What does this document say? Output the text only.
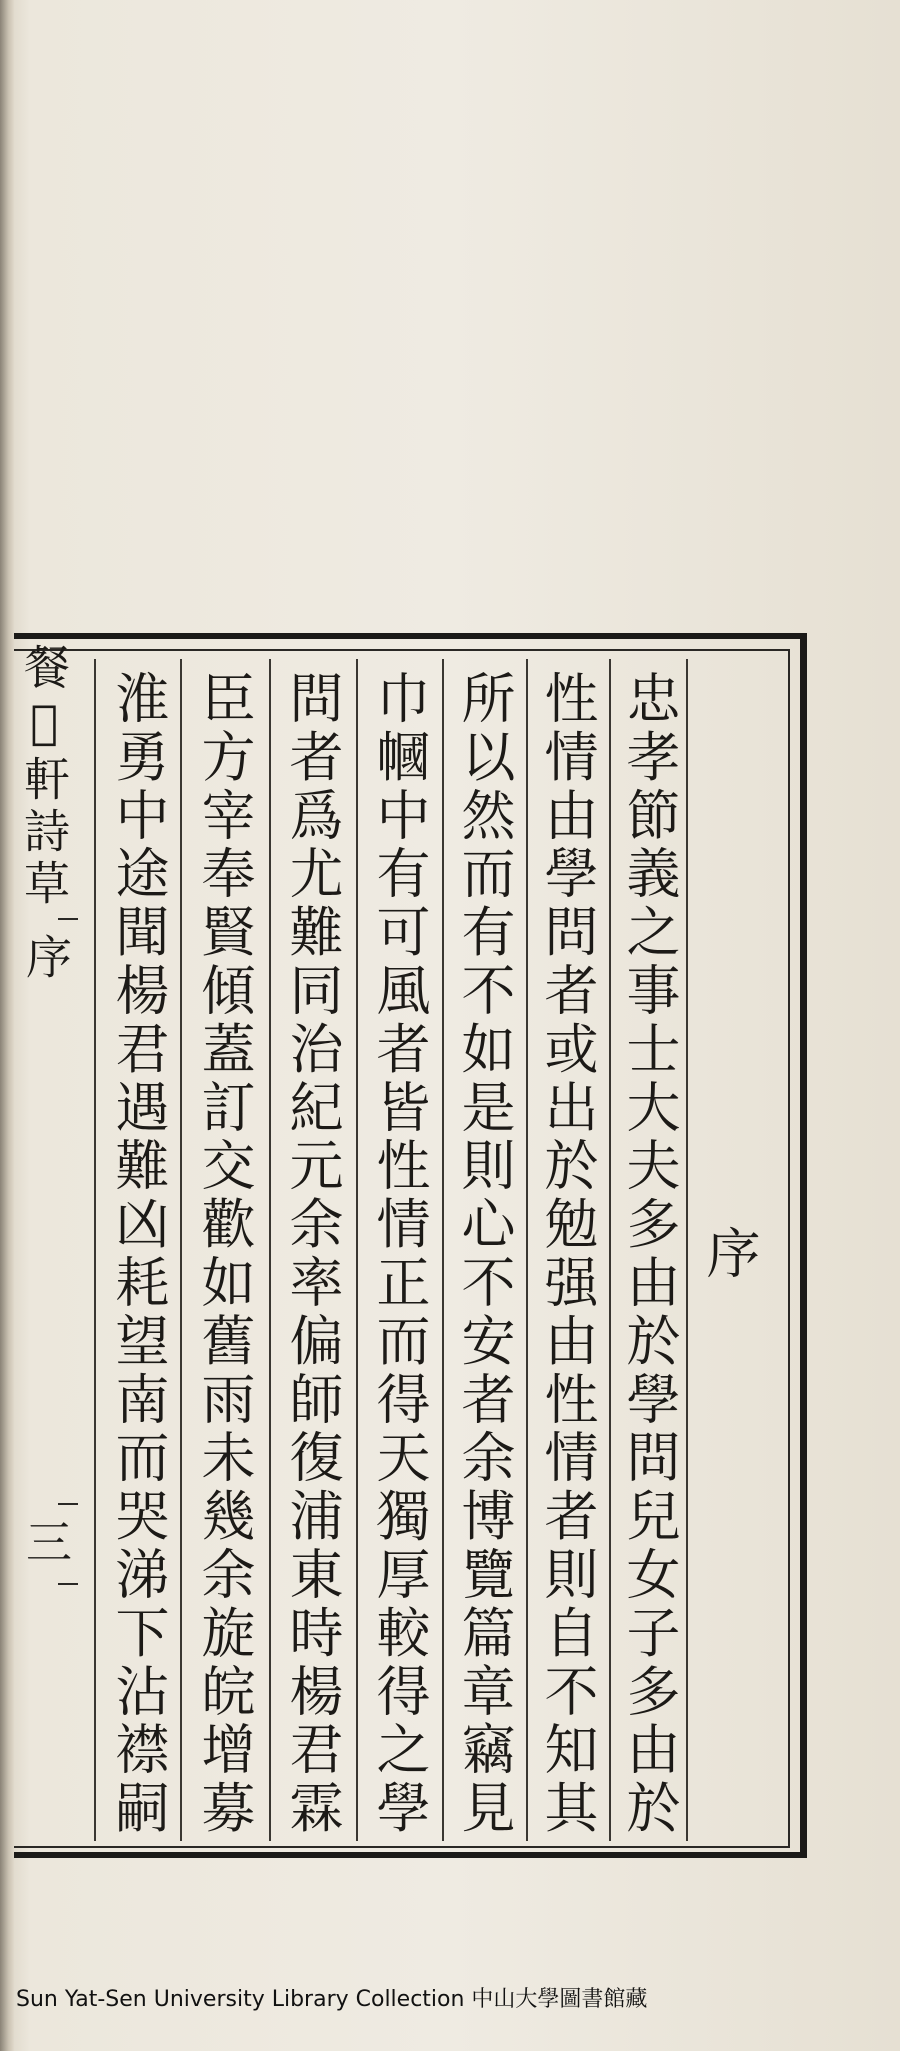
序
忠孝節義之事士大夫多由於學問兒女子多由於
性情由學問者或出於勉强由性情者則自不知其
所以然而有不如是則心不安者余博覽篇章竊見
巾幗中有可風者皆性情正而得天獨厚較得之學
問者爲尤難同治紀元余率偏師復浦東時楊君霖
臣方宰奉賢傾蓋訂交歡如舊雨未幾余旋皖增募
淮勇中途聞楊君遇難凶耗望南而哭涕下沾襟嗣
餐𦡉軒詩草
序
三
Sun Yat-Sen University Library Collection 中山大學圖書館藏
